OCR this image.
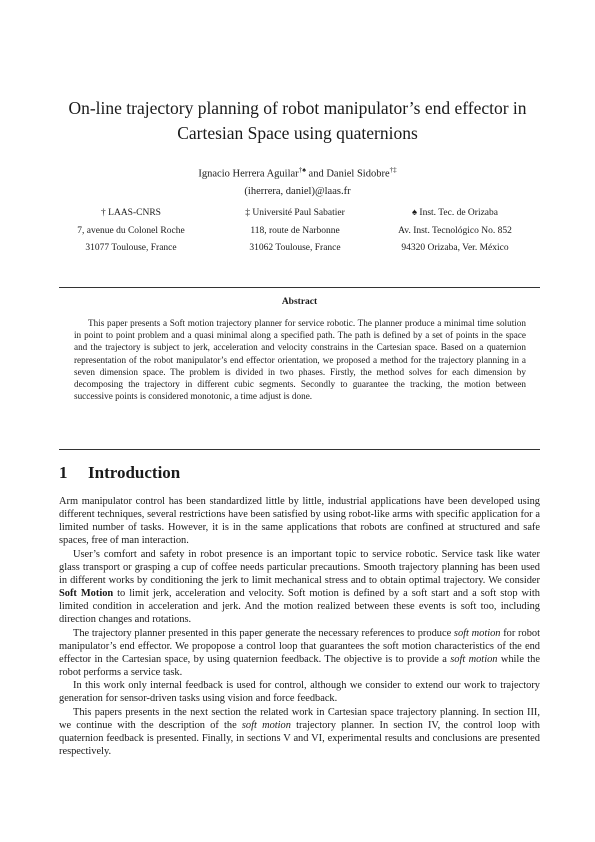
On-line trajectory planning of robot manipulator’s end effector in Cartesian Space using quaternions
Ignacio Herrera Aguilar†♠ and Daniel Sidobre†‡
(iherrera, daniel)@laas.fr
† LAAS-CNRS
7, avenue du Colonel Roche
31077 Toulouse, France
‡ Université Paul Sabatier
118, route de Narbonne
31062 Toulouse, France
♠ Inst. Tec. de Orizaba
Av. Inst. Tecnológico No. 852
94320 Orizaba, Ver. México
Abstract
This paper presents a Soft motion trajectory planner for service robotic. The planner produce a minimal time solution in point to point problem and a quasi minimal along a specified path. The path is defined by a set of points in the space and the trajectory is subject to jerk, acceleration and velocity constrains in the Cartesian space. Based on a quaternion representation of the robot manipulator’s end effector orientation, we proposed a method for the trajectory planning in a seven dimension space. The problem is divided in two phases. Firstly, the method solves for each dimension by decomposing the trajectory in different cubic segments. Secondly to guarantee the tracking, the motion between successive points is considered monotonic, a time adjust is done.
1 Introduction

Arm manipulator control has been standardized little by little, industrial applications have been developed using different techniques, several restrictions have been satisfied by using robot-like arms with specific application for a limited number of tasks. However, it is in the same applications that robots are confined at structured and safe spaces, free of man interaction.

User’s comfort and safety in robot presence is an important topic to service robotic. Service task like water glass transport or grasping a cup of coffee needs particular precautions. Smooth trajectory planning has been used in different works by conditioning the jerk to limit mechanical stress and to obtain optimal trajectory. We consider Soft Motion to limit jerk, acceleration and velocity. Soft motion is defined by a soft start and a soft stop with limited condition in acceleration and jerk. And the motion realized between these events is soft too, including direction changes and rotations.

The trajectory planner presented in this paper generate the necessary references to produce soft motion for robot manipulator’s end effector. We propopose a control loop that guarantees the soft motion characteristics of the end effector in the Cartesian space, by using quaternion feedback. The objective is to provide a soft motion while the robot performs a service task.

In this work only internal feedback is used for control, although we consider to extend our work to trajectory generation for sensor-driven tasks using vision and force feedback.

This papers presents in the next section the related work in Cartesian space trajectory planning. In section III, we continue with the description of the soft motion trajectory planner. In section IV, the control loop with quaternion feedback is presented. Finally, in sections V and VI, experimental results and conclusions are presented respectively.
